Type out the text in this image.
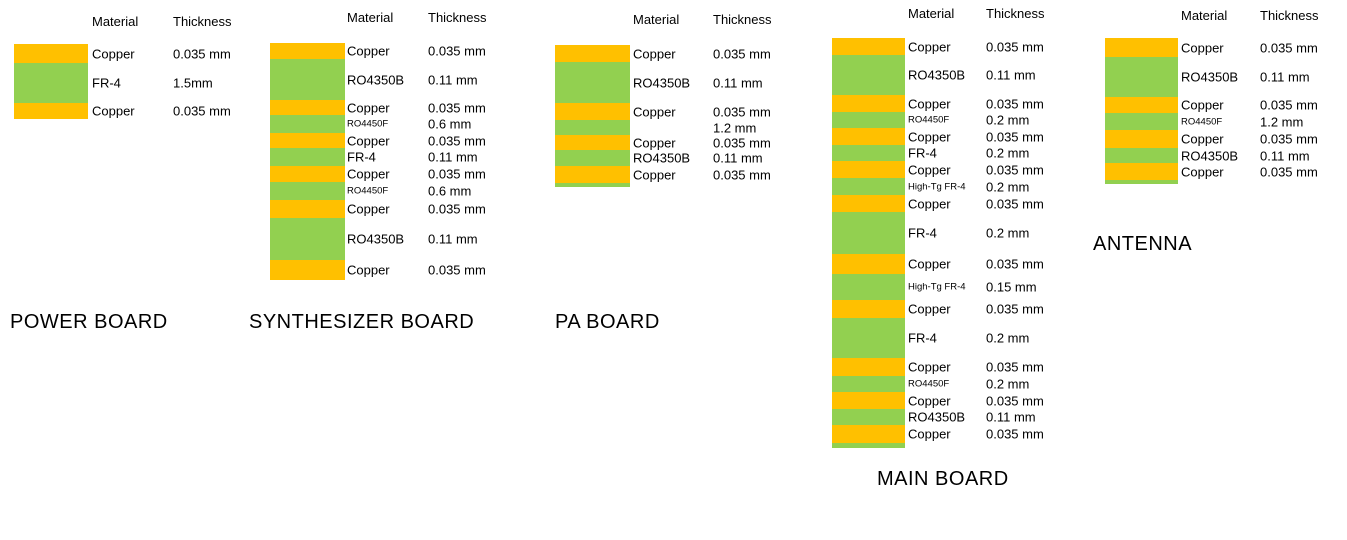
Material	Thickness
Copper	0.035 mm
FR-4	1.5mm
Copper	0.035 mm
POWER BOARD
Material	Thickness
Copper	0.035 mm
RO4350B 0.11 mm
Copper	0.035 mm
RO4450F	0.6 mm
Copper	0.035 mm
FR-4	0.11 mm
Copper	0.035 mm
RO4450F	0.6 mm
Copper	0.035 mm
RO4350B 0.11 mm
Copper	0.035 mm
SYNTHESIZER BOARD
Material	Thickness
Copper	0.035 mm
RO4350B 0.11 mm
Copper	0.035 mm
1.2 mm
Copper	0.035 mm
RO4350B 0.11 mm
Copper	0.035 mm
PA BOARD
Material Thickness
Copper	0.035 mm
RO4350B 0.11 mm
Copper	0.035 mm
RO4450F	0.2 mm
Copper	0.035 mm
FR-4	0.2 mm
Copper	0.035 mm
High-Tg FR-4 0.2 mm
Copper	0.035 mm
FR-4	0.2 mm
Copper	0.035 mm
High-Tg FR-4 0.15 mm
Copper	0.035 mm
FR-4	0.2 mm
Copper	0.035 mm
RO4450F	0.2 mm
Copper	0.035 mm
RO4350B 0.11 mm
Copper	0.035 mm
MAIN BOARD
Material	Thickness
Copper	0.035 mm
RO4350B 0.11 mm
Copper	0.035 mm
RO4450F	1.2 mm
Copper	0.035 mm
RO4350B 0.11 mm
Copper	0.035 mm
ANTENNA
